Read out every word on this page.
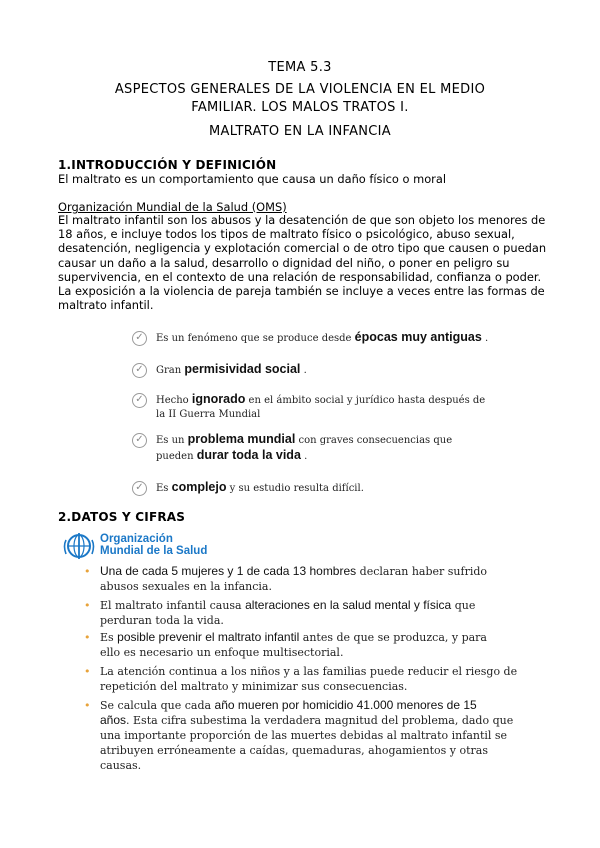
TEMA 5.3
ASPECTOS GENERALES DE LA VIOLENCIA EN EL MEDIO
FAMILIAR. LOS MALOS TRATOS I.
MALTRATO EN LA INFANCIA
1.INTRODUCCIÓN Y DEFINICIÓN
El maltrato es un comportamiento que causa un daño físico o moral
Organización Mundial de la Salud (OMS)
El maltrato infantil son los abusos y la desatención de que son objeto los menores de
18 años, e incluye todos los tipos de maltrato físico o psicológico, abuso sexual,
desatención, negligencia y explotación comercial o de otro tipo que causen o puedan
causar un daño a la salud, desarrollo o dignidad del niño, o poner en peligro su
supervivencia, en el contexto de una relación de responsabilidad, confianza o poder.
La exposición a la violencia de pareja también se incluye a veces entre las formas de
maltrato infantil.
✓	Es un fenómeno que se produce desde épocas muy antiguas .
✓	Gran permisividad social .
✓	Hecho ignorado en el ámbito social y jurídico hasta después de
la II Guerra Mundial
✓	Es un problema mundial con graves consecuencias que
pueden durar toda la vida .
✓	Es complejo y su estudio resulta difícil.
2.DATOS Y CIFRAS
Organización
Mundial de la Salud
• Una de cada 5 mujeres y 1 de cada 13 hombres declaran haber sufrido
abusos sexuales en la infancia.
• El maltrato infantil causa alteraciones en la salud mental y física que
perduran toda la vida.
• Es posible prevenir el maltrato infantil antes de que se produzca, y para
ello es necesario un enfoque multisectorial.
• La atención continua a los niños y a las familias puede reducir el riesgo de
repetición del maltrato y minimizar sus consecuencias.
• Se calcula que cada año mueren por homicidio 41.000 menores de 15
años. Esta cifra subestima la verdadera magnitud del problema, dado que
una importante proporción de las muertes debidas al maltrato infantil se
atribuyen erróneamente a caídas, quemaduras, ahogamientos y otras
causas.
